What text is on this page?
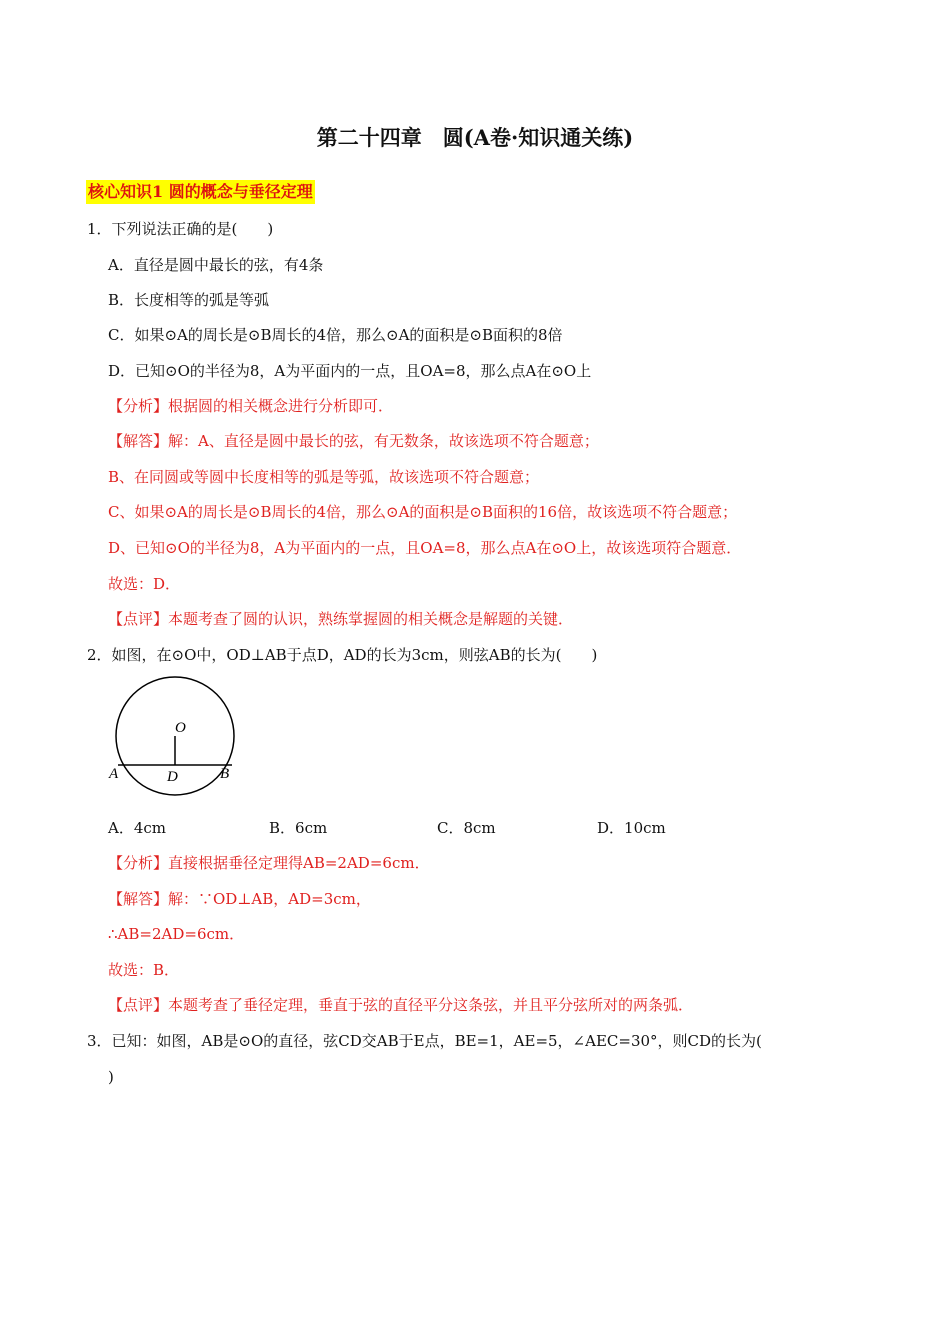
第二十四章　圆(A卷·知识通关练)
核心知识1 圆的概念与垂径定理
1．下列说法正确的是(　　)
A．直径是圆中最长的弦，有4条
B．长度相等的弧是等弧
C．如果⊙A的周长是⊙B周长的4倍，那么⊙A的面积是⊙B面积的8倍
D．已知⊙O的半径为8，A为平面内的一点，且OA=8，那么点A在⊙O上
【分析】根据圆的相关概念进行分析即可．
【解答】解：A、直径是圆中最长的弦，有无数条，故该选项不符合题意；
B、在同圆或等圆中长度相等的弧是等弧，故该选项不符合题意；
C、如果⊙A的周长是⊙B周长的4倍，那么⊙A的面积是⊙B面积的16倍，故该选项不符合题意；
D、已知⊙O的半径为8，A为平面内的一点，且OA=8，那么点A在⊙O上，故该选项符合题意．
故选：D．
【点评】本题考查了圆的认识，熟练掌握圆的相关概念是解题的关键．
2．如图，在⊙O中，OD⊥AB于点D，AD的长为3cm，则弦AB的长为(　　)
O
A	D	B
A．4cm	B．6cm	C．8cm	D．10cm
【分析】直接根据垂径定理得AB=2AD=6cm．
【解答】解：∵OD⊥AB，AD=3cm，
∴AB=2AD=6cm．
故选：B．
【点评】本题考查了垂径定理，垂直于弦的直径平分这条弦，并且平分弦所对的两条弧．
3．已知：如图，AB是⊙O的直径，弦CD交AB于E点，BE=1，AE=5，∠AEC=30°，则CD的长为(
)
